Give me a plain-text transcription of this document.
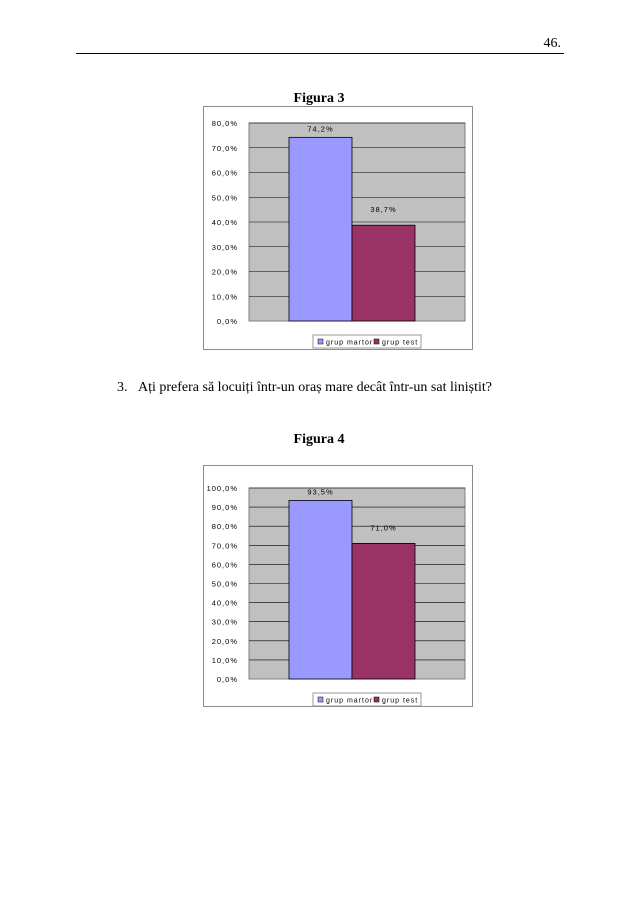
46.
Figura 3
0,0%
10,0%
20,0%
30,0%
40,0%
50,0%
60,0%
70,0%
80,0%
74,2%
38,7%
grup martor grup test
3. Ați prefera să locuiți într-un oraș mare decât într-un sat liniștit?
Figura 4
0,0%
10,0%
20,0%
30,0%
40,0%
50,0%
60,0%
70,0%
80,0%
90,0%
100,0%	93,5%
71,0%
grup martor grup test
